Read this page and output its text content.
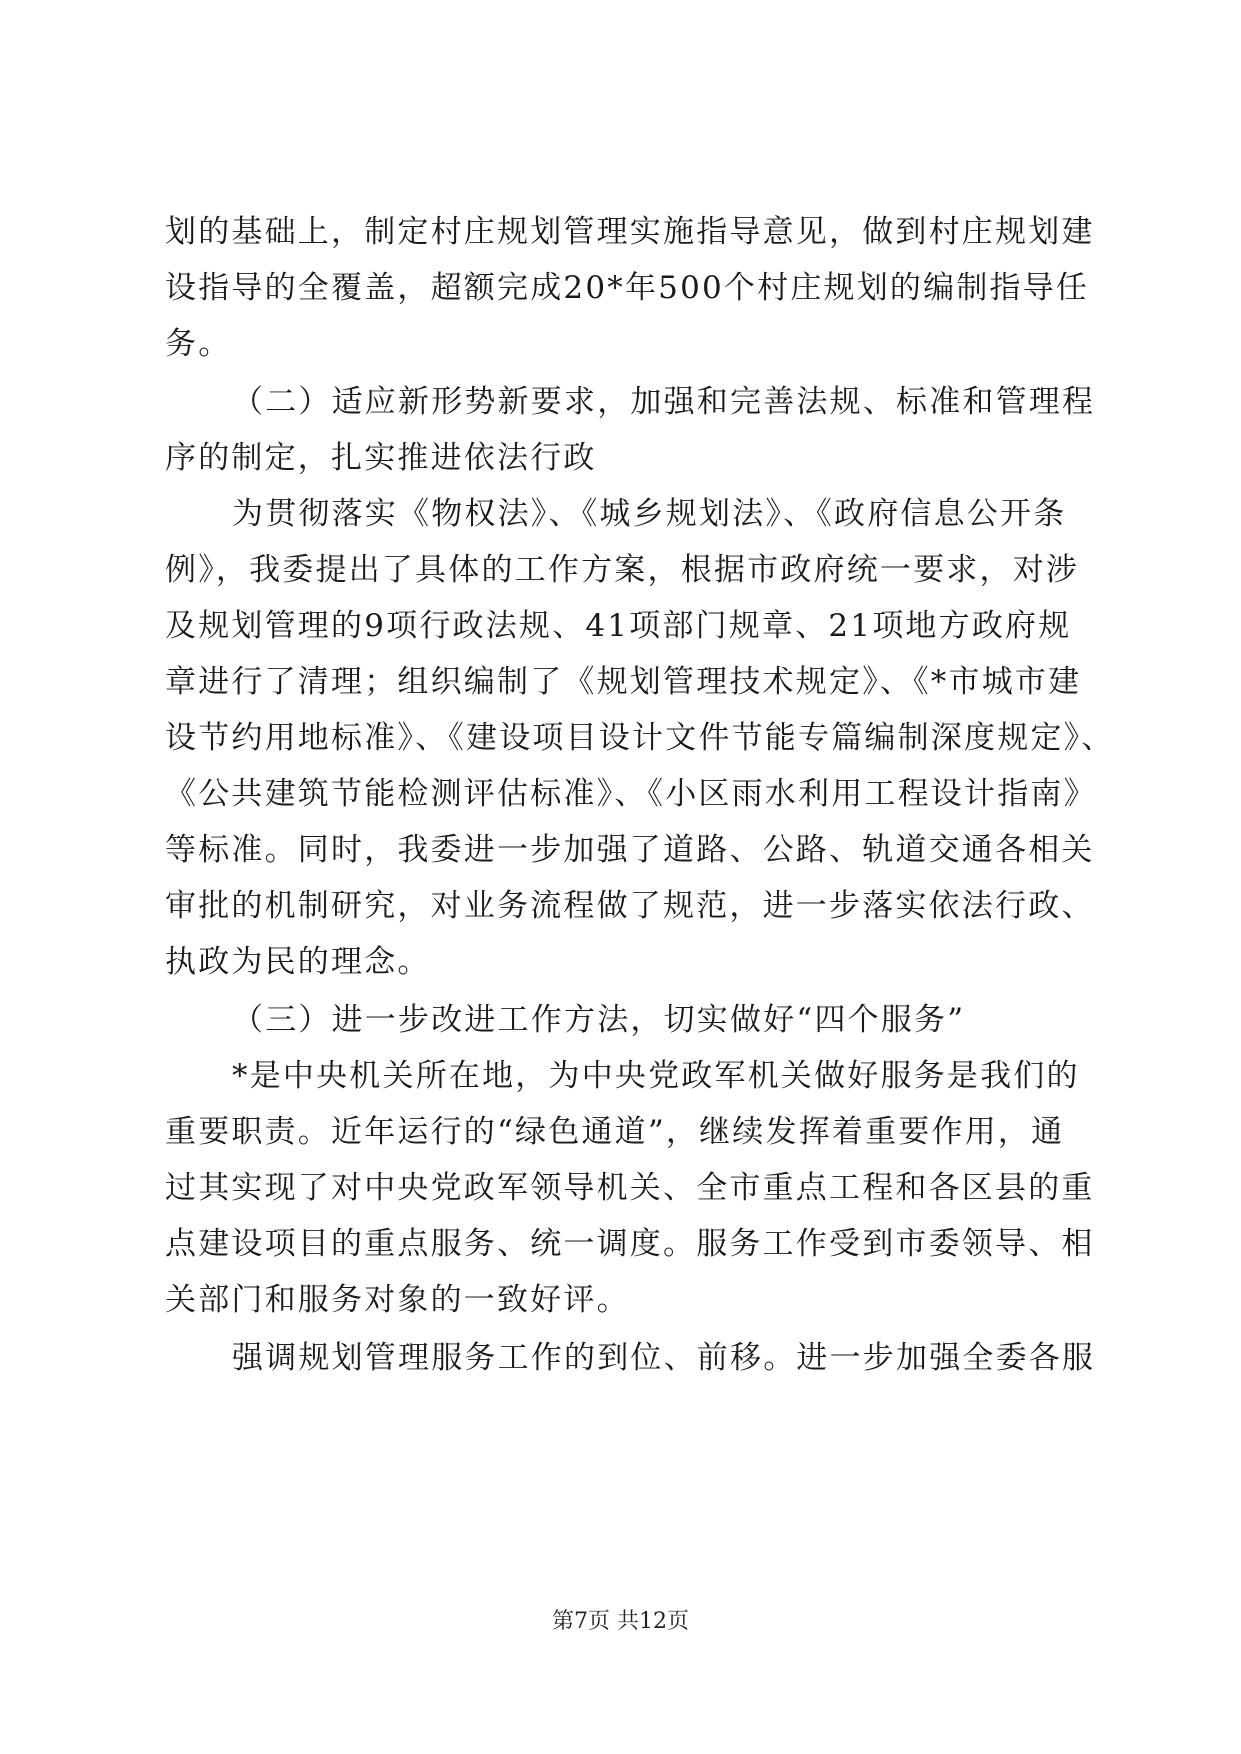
划的基础上，制定村庄规划管理实施指导意见，做到村庄规划建
设指导的全覆盖，超额完成20*年500个村庄规划的编制指导任
务。
（二）适应新形势新要求，加强和完善法规、标准和管理程
序的制定，扎实推进依法行政
为贯彻落实《物权法》、《城乡规划法》、《政府信息公开条
例》，我委提出了具体的工作方案，根据市政府统一要求，对涉
及规划管理的9项行政法规、41项部门规章、21项地方政府规
章进行了清理；组织编制了《规划管理技术规定》、《*市城市建
设节约用地标准》、《建设项目设计文件节能专篇编制深度规定》、
《公共建筑节能检测评估标准》、《小区雨水利用工程设计指南》
等标准。同时，我委进一步加强了道路、公路、轨道交通各相关
审批的机制研究，对业务流程做了规范，进一步落实依法行政、
执政为民的理念。
（三）进一步改进工作方法，切实做好“四个服务”
*是中央机关所在地，为中央党政军机关做好服务是我们的
重要职责。近年运行的“绿色通道”，继续发挥着重要作用，通
过其实现了对中央党政军领导机关、全市重点工程和各区县的重
点建设项目的重点服务、统一调度。服务工作受到市委领导、相
关部门和服务对象的一致好评。
强调规划管理服务工作的到位、前移。进一步加强全委各服
第7页 共12页
